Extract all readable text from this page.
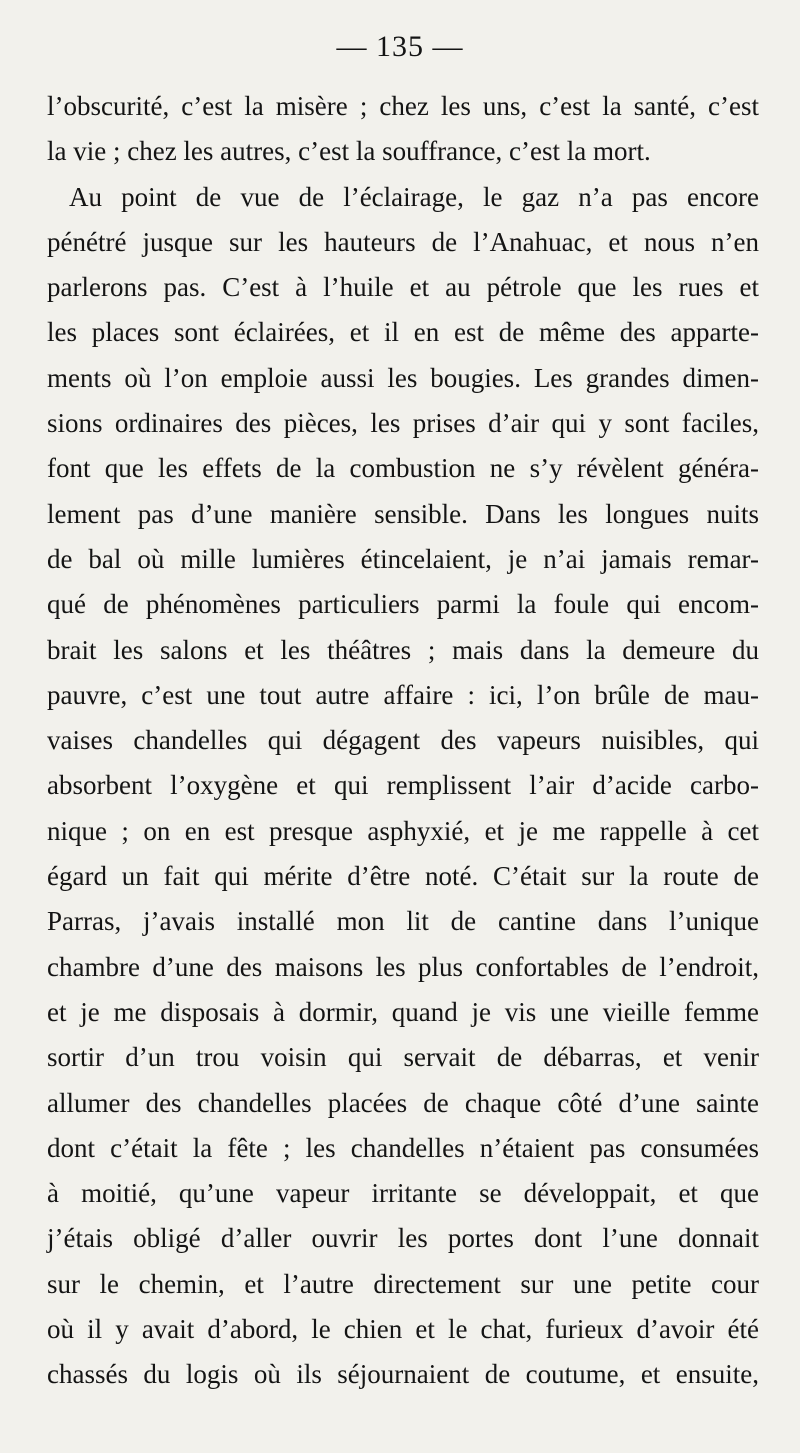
— 135 —
l’obscurité, c’est la misère ; chez les uns, c’est la santé, c’est
la vie ; chez les autres, c’est la souffrance, c’est la mort.
Au point de vue de l’éclairage, le gaz n’a pas encore
pénétré jusque sur les hauteurs de l’Anahuac, et nous n’en
parlerons pas. C’est à l’huile et au pétrole que les rues et
les places sont éclairées, et il en est de même des apparte-
ments où l’on emploie aussi les bougies. Les grandes dimen-
sions ordinaires des pièces, les prises d’air qui y sont faciles,
font que les effets de la combustion ne s’y révèlent généra-
lement pas d’une manière sensible. Dans les longues nuits
de bal où mille lumières étincelaient, je n’ai jamais remar-
qué de phénomènes particuliers parmi la foule qui encom-
brait les salons et les théâtres ; mais dans la demeure du
pauvre, c’est une tout autre affaire : ici, l’on brûle de mau-
vaises chandelles qui dégagent des vapeurs nuisibles, qui
absorbent l’oxygène et qui remplissent l’air d’acide carbo-
nique ; on en est presque asphyxié, et je me rappelle à cet
égard un fait qui mérite d’être noté. C’était sur la route de
Parras, j’avais installé mon lit de cantine dans l’unique
chambre d’une des maisons les plus confortables de l’endroit,
et je me disposais à dormir, quand je vis une vieille femme
sortir d’un trou voisin qui servait de débarras, et venir
allumer des chandelles placées de chaque côté d’une sainte
dont c’était la fête ; les chandelles n’étaient pas consumées
à moitié, qu’une vapeur irritante se développait, et que
j’étais obligé d’aller ouvrir les portes dont l’une donnait
sur le chemin, et l’autre directement sur une petite cour
où il y avait d’abord, le chien et le chat, furieux d’avoir été
chassés du logis où ils séjournaient de coutume, et ensuite,
